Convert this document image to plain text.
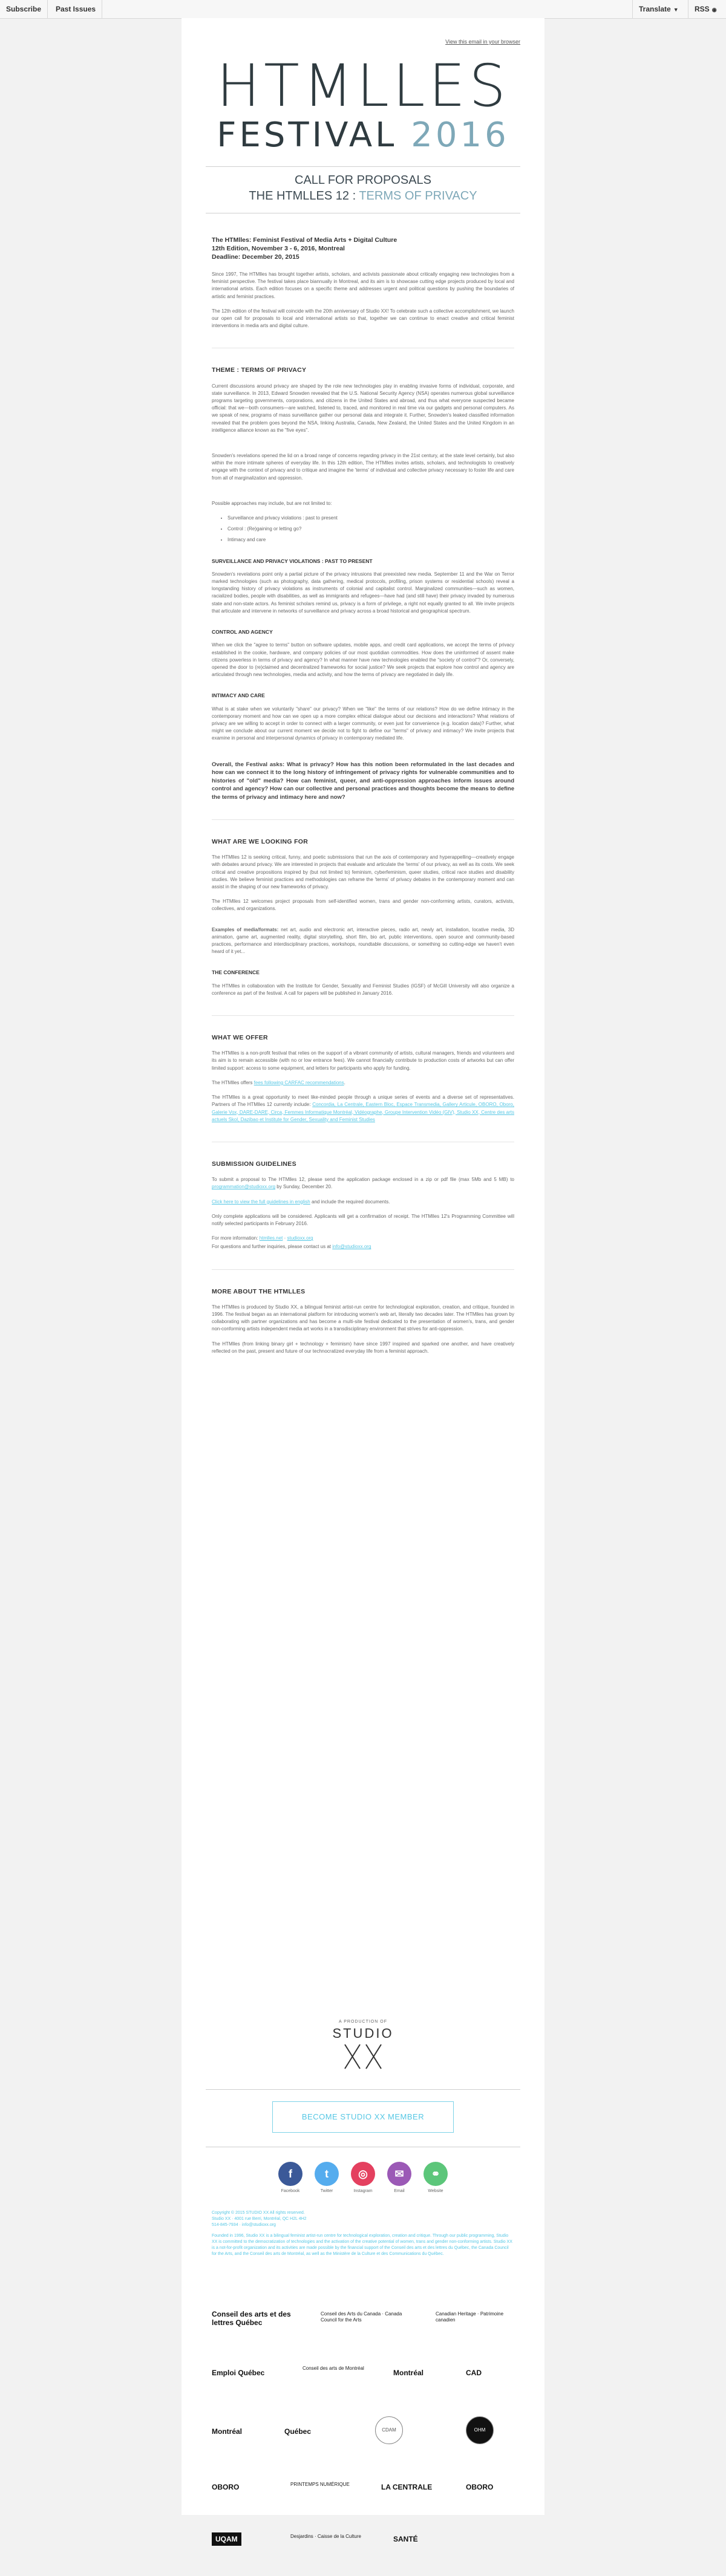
Subscribe	Past Issues	Translate ▼	RSS ◉
View this email in your browser
HTMLLES
FESTIVAL 2016
CALL FOR PROPOSALS
THE HTMLLES 12 : TERMS OF PRIVACY
The HTMlles: Feminist Festival of Media Arts + Digital Culture
12th Edition, November 3 - 6, 2016, Montreal
Deadline: December 20, 2015

Since 1997, The HTMlles has brought together artists, scholars, and activists passionate about critically engaging new technologies from a feminist perspective. The festival takes place biannually in Montreal, and its aim is to showcase cutting edge projects produced by local and international artists. Each edition focuses on a specific theme and addresses urgent and political questions by pushing the boundaries of artistic and feminist practices.

The 12th edition of the festival will coincide with the 20th anniversary of Studio XX! To celebrate such a collective accomplishment, we launch our open call for proposals to local and international artists so that, together we can continue to enact creative and critical feminist interventions in media arts and digital culture.

THEME : TERMS OF PRIVACY

Current discussions around privacy are shaped by the role new technologies play in enabling invasive forms of individual, corporate, and state surveillance. In 2013, Edward Snowden revealed that the U.S. National Security Agency (NSA) operates numerous global surveillance programs targeting governments, corporations, and citizens in the United States and abroad, and thus what everyone suspected became official: that we—both consumers—are watched, listened to, traced, and monitored in real time via our gadgets and personal computers. As we speak of new, programs of mass surveillance gather our personal data and integrate it. Further, Snowden's leaked classified information revealed that the problem goes beyond the NSA, linking Australia, Canada, New Zealand, the United States and the United Kingdom in an intelligence alliance known as the "five eyes".

Snowden's revelations opened the lid on a broad range of concerns regarding privacy in the 21st century, at the state level certainly, but also within the more intimate spheres of everyday life. In this 12th edition, The HTMlles invites artists, scholars, and technologists to creatively engage with the context of privacy and to critique and imagine the 'terms' of individual and collective privacy necessary to foster life and care from all of marginalization and oppression.

Possible approaches may include, but are not limited to:

• Surveillance and privacy violations : past to present
• Control : (Re)gaining or letting go?
• Intimacy and care
SURVEILLANCE AND PRIVACY VIOLATIONS : PAST TO PRESENT

Snowden's revelations point only a partial picture of the privacy intrusions that preexisted new media. September 11 and the War on Terror marked technologies (such as photography, data gathering, medical protocols, profiling, prison systems or residential schools) reveal a longstanding history of privacy violations as instruments of colonial and capitalist control. Marginalized communities—such as women, racialized bodies, people with disabilities, as well as immigrants and refugees—have had (and still have) their privacy invaded by numerous state and non-state actors. As feminist scholars remind us, privacy is a form of privilege, a right not equally granted to all. We invite projects that articulate and intervene in networks of surveillance and privacy across a broad historical and geographical spectrum.

CONTROL AND AGENCY

When we click the "agree to terms" button on software updates, mobile apps, and credit card applications, we accept the terms of privacy established in the cookie, hardware, and company policies of our most quotidian commodities. How does the uninformed of assent make citizens powerless in terms of privacy and agency? In what manner have new technologies enabled the "society of control"? Or, conversely, opened the door to (re)claimed and decentralized frameworks for social justice? We seek projects that explore how control and agency are articulated through new technologies, media and activity, and how the terms of privacy are negotiated in daily life.

INTIMACY AND CARE

What is at stake when we voluntarily "share" our privacy? When we "like" the terms of our relations? How do we define intimacy in the contemporary moment and how can we open up a more complex ethical dialogue about our decisions and interactions? What relations of privacy are we willing to accept in order to connect with a larger community, or even just for convenience (e.g. location data)? Further, what might we conclude about our current moment we decide not to fight to define our "terms" of privacy and intimacy? We invite projects that examine in personal and interpersonal dynamics of privacy in contemporary mediated life.

Overall, the Festival asks: What is privacy? How has this notion been reformulated in the last decades and how can we connect it to the long history of infringement of privacy rights for vulnerable communities and to histories of "old" media? How can feminist, queer, and anti-oppression approaches inform issues around control and agency? How can our collective and personal practices and thoughts become the means to define the terms of privacy and intimacy here and now?
WHAT ARE WE LOOKING FOR

The HTMlles 12 is seeking critical, funny, and poetic submissions that run the axis of contemporary and hyperappelling—creatively engage with debates around privacy. We are interested in projects that evaluate and articulate the 'terms' of our privacy, as well as its costs. We seek critical and creative propositions inspired by (but not limited to) feminism, cyberfeminism, queer studies, critical race studies and disability studies. We believe feminist practices and methodologies can reframe the 'terms' of privacy debates in the contemporary moment and can assist in the shaping of our new frameworks of privacy.

The HTMlles 12 welcomes project proposals from self-identified women, trans and gender non-conforming artists, curators, activists, collectives, and organizations.

Examples of media/formats: net art, audio and electronic art, interactive pieces, radio art, newly art, installation, locative media, 3D animation, game art, augmented reality, digital storytelling, short film, bio art, public interventions, open source and community-based practices, performance and interdisciplinary practices, workshops, roundtable discussions, or something so cutting-edge we haven't even heard of it yet...

THE CONFERENCE

The HTMlles in collaboration with the Institute for Gender, Sexuality and Feminist Studies (IGSF) of McGill University will also organize a conference as part of the festival. A call for papers will be published in January 2016.

WHAT WE OFFER

The HTMlles is a non-profit festival that relies on the support of a vibrant community of artists, cultural managers, friends and volunteers and its aim is to remain accessible (with no or low entrance fees). We cannot financially contribute to production costs of artworks but can offer limited support: access to some equipment, and letters for participants who apply for funding.

The HTMlles offers fees following CARFAC recommendations.

The HTMlles is a great opportunity to meet like-minded people through a unique series of events and a diverse set of representatives. Partners of The HTMlles 12 currently include: Concordia, La Centrale, Eastern Bloc, Espace Transmedia, Gallery Articule, OBORO, Oboro, Galerie Vox, DARE-DARE, Circa, Femmes Informatique Montréal, Vidéographe, Groupe Intervention Vidéo (GIV), Studio XX, Centre des arts actuels Skol, Dazibao et Institute for Gender, Sexuality and Feminist Studies

SUBMISSION GUIDELINES

To submit a proposal to The HTMlles 12, please send the application package enclosed in a zip or pdf file (max 5Mb and 5 MB) to programmation@studioxx.org by Sunday, December 20.

Click here to view the full guidelines in english and include the required documents.

Only complete applications will be considered. Applicants will get a confirmation of receipt. The HTMlles 12's Programming Committee will notify selected participants in February 2016.

For more information: htmlles.net · studioxx.org

For questions and further inquiries, please contact us at info@studioxx.org

MORE ABOUT THE HTMLLES

The HTMlles is produced by Studio XX, a bilingual feminist artist-run centre for technological exploration, creation, and critique, founded in 1996. The festival began as an international platform for introducing women's web art, literally two decades later. The HTMlles has grown by collaborating with partner organizations and has become a multi-site festival dedicated to the presentation of women's, trans, and gender non-conforming artists independent media art works in a transdisciplinary environment that strives for anti-oppression.

The HTMlles (from linking binary girl + technology + feminism) have since 1997 inspired and sparked one another, and have creatively reflected on the past, present and future of our technocratized everyday life from a feminist approach.

A PRODUCTION OF
STUDIO
BECOME STUDIO XX MEMBER
f
Facebook
t
Twitter
◎
Instagram
✉
Email
⚭
Website

Copyright © 2015 STUDIO XX All rights reserved.
Studio XX · 4001 rue Berri, Montréal, QC H2L 4H2
514-845-7934 · info@studioxx.org

Founded in 1996, Studio XX is a bilingual feminist artist-run centre for technological exploration, creation and critique. Through our public programming, Studio XX is committed to the democratization of technologies and the activation of the creative potential of women, trans and gender non-conforming artists. Studio XX is a not-for-profit organization and its activities are made possible by the financial support of the Conseil des arts et des lettres du Québec, the Canada Council for the Arts, and the Conseil des arts de Montréal, as well as the Ministère de la Culture et des Communications du Québec.

Conseil des arts et des lettres Québec
Conseil des Arts du Canada · Canada Council for the Arts
Canadian Heritage · Patrimoine canadien
Emploi Québec
Conseil des arts de Montréal
Montréal	CAD
Montréal	Québec	CDAM	OHM
OBORO	PRINTEMPS NUMÉRIQUE	LA CENTRALE	OBORO
UQAM	Desjardins · Caisse de la Culture	SANTÉ
